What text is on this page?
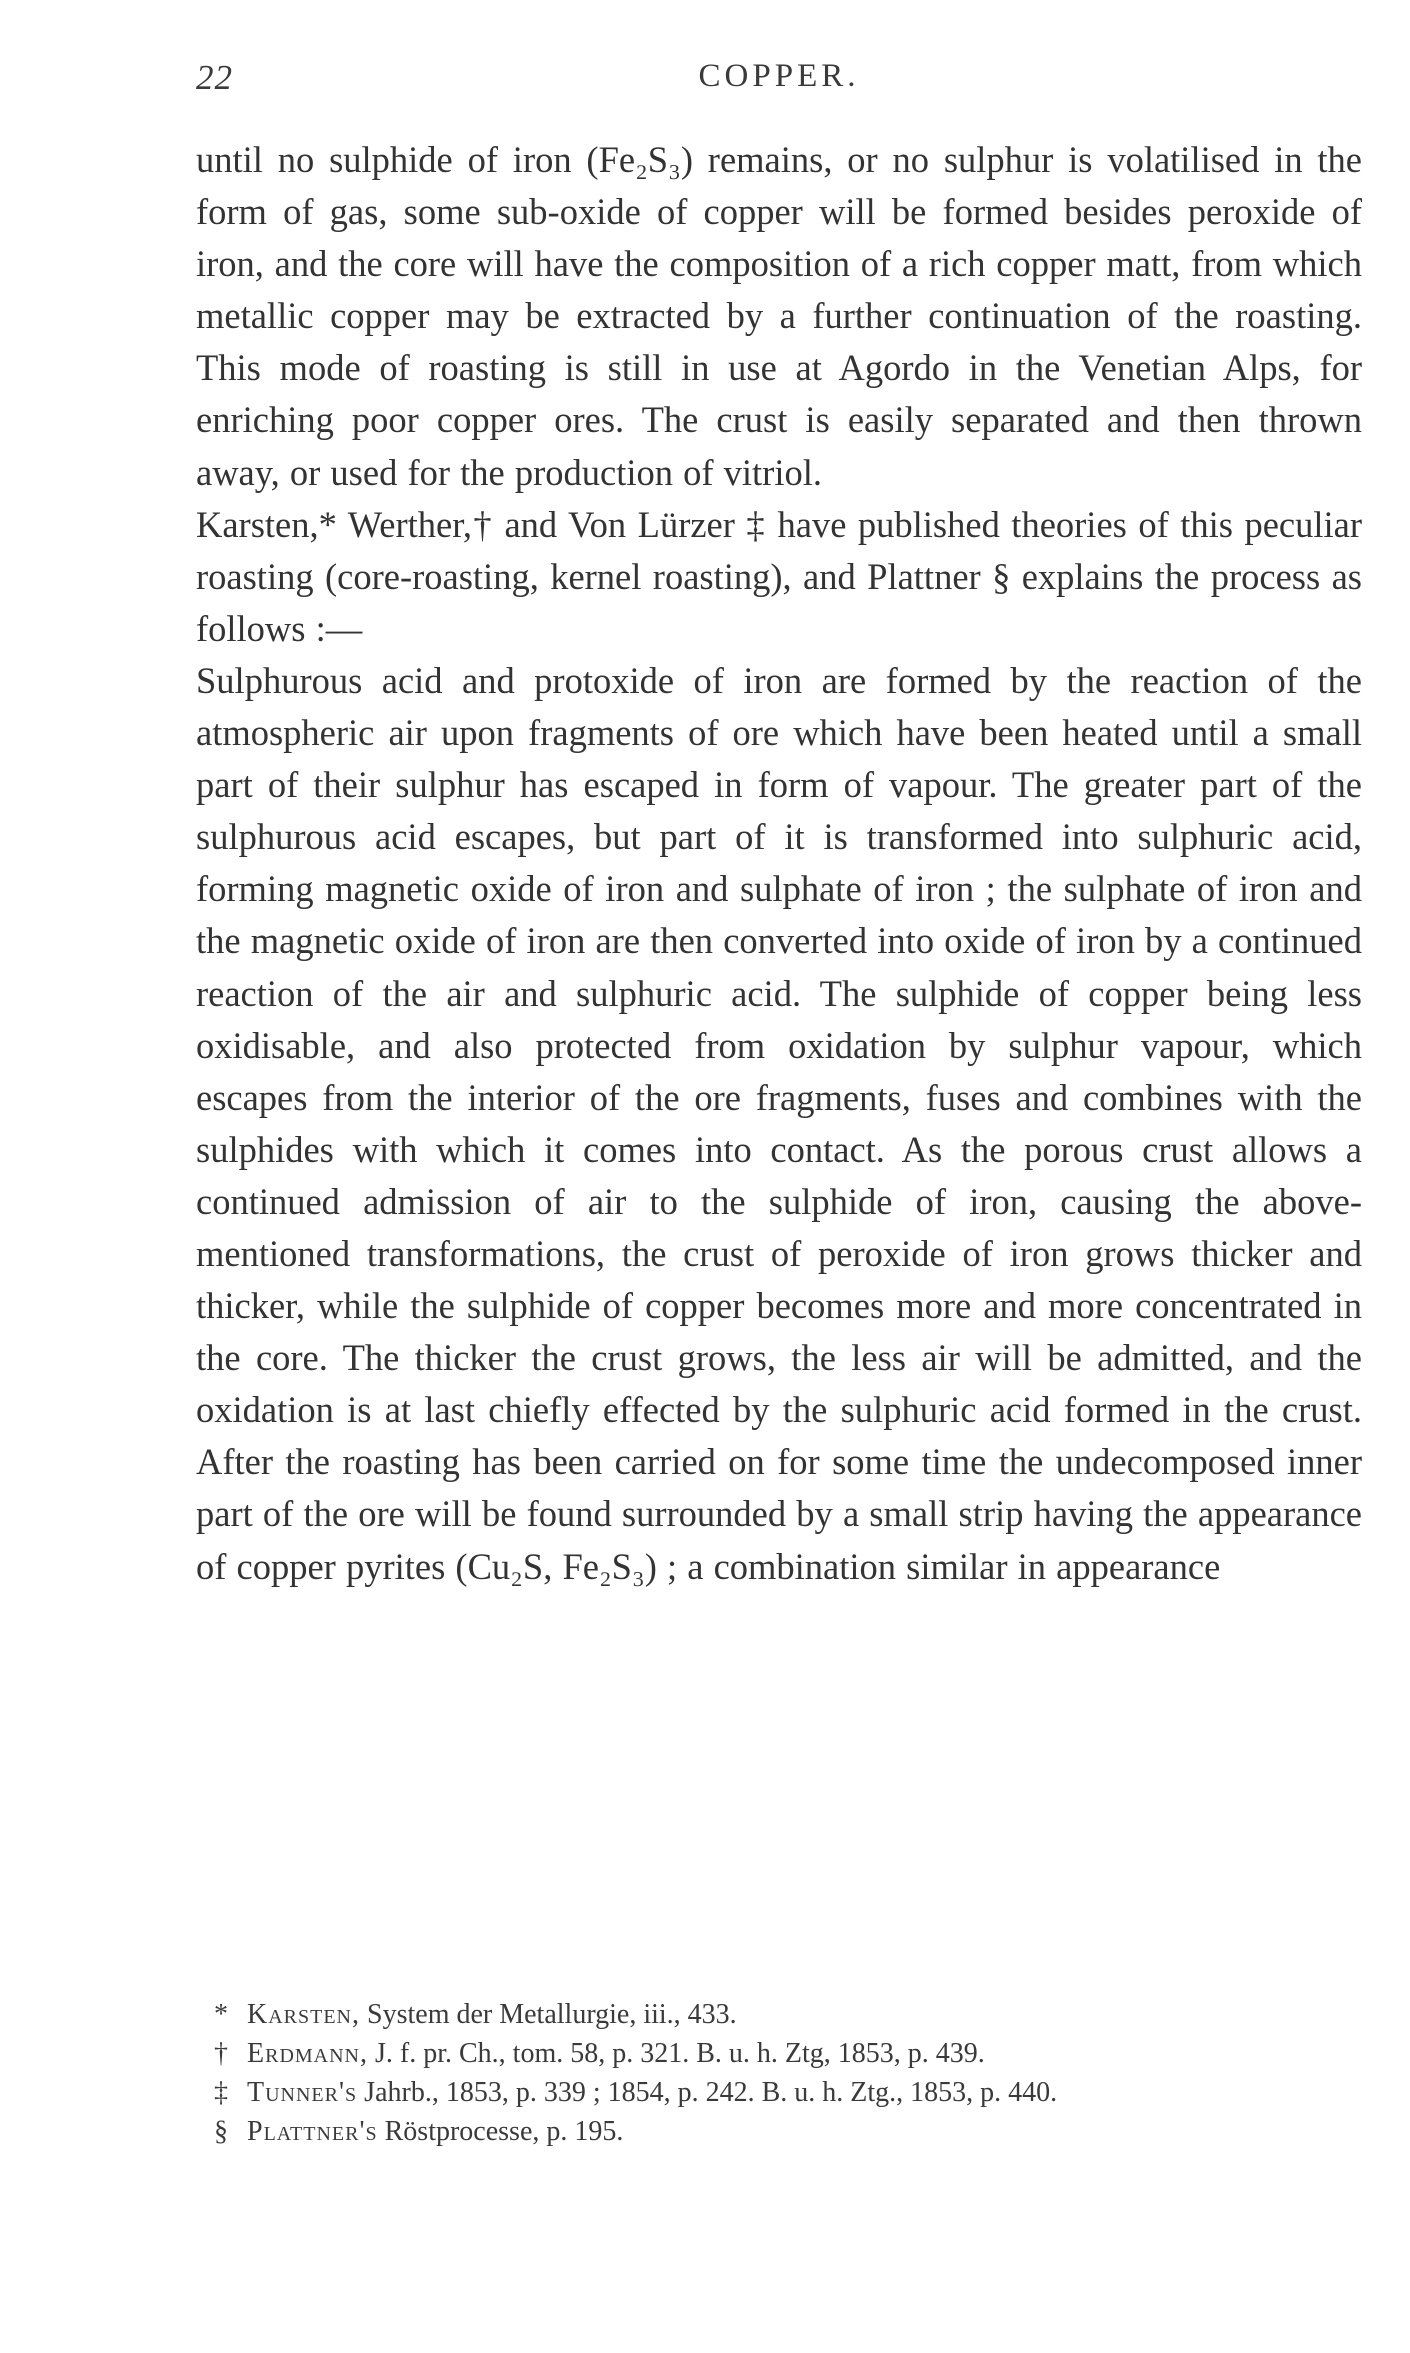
22	COPPER.

until no sulphide of iron (Fe₂S₃) remains, or no sulphur is volatilised in the form of gas, some sub-oxide of copper will be formed besides peroxide of iron, and the core will have the composition of a rich copper matt, from which metallic copper may be extracted by a further continuation of the roasting. This mode of roasting is still in use at Agordo in the Venetian Alps, for enriching poor copper ores. The crust is easily separated and then thrown away, or used for the production of vitriol.

Karsten,* Werther,† and Von Lürzer ‡ have published theories of this peculiar roasting (core-roasting, kernel roasting), and Plattner § explains the process as follows :—

Sulphurous acid and protoxide of iron are formed by the reaction of the atmospheric air upon fragments of ore which have been heated until a small part of their sulphur has escaped in form of vapour. The greater part of the sulphurous acid escapes, but part of it is transformed into sulphuric acid, forming magnetic oxide of iron and sulphate of iron ; the sulphate of iron and the magnetic oxide of iron are then converted into oxide of iron by a continued reaction of the air and sulphuric acid. The sulphide of copper being less oxidisable, and also protected from oxidation by sulphur vapour, which escapes from the interior of the ore fragments, fuses and combines with the sulphides with which it comes into contact. As the porous crust allows a continued admission of air to the sulphide of iron, causing the above-mentioned transformations, the crust of peroxide of iron grows thicker and thicker, while the sulphide of copper becomes more and more concentrated in the core. The thicker the crust grows, the less air will be admitted, and the oxidation is at last chiefly effected by the sulphuric acid formed in the crust. After the roasting has been carried on for some time the undecomposed inner part of the ore will be found surrounded by a small strip having the appearance of copper pyrites (Cu₂S, Fe₂S₃) ; a combination similar in appearance

* Karsten, System der Metallurgie, iii., 433.
† Erdmann, J. f. pr. Ch., tom. 58, p. 321. B. u. h. Ztg, 1853, p. 439.
‡ Tunner's Jahrb., 1853, p. 339 ; 1854, p. 242. B. u. h. Ztg., 1853, p. 440.
§ Plattner's Röstprocesse, p. 195.
